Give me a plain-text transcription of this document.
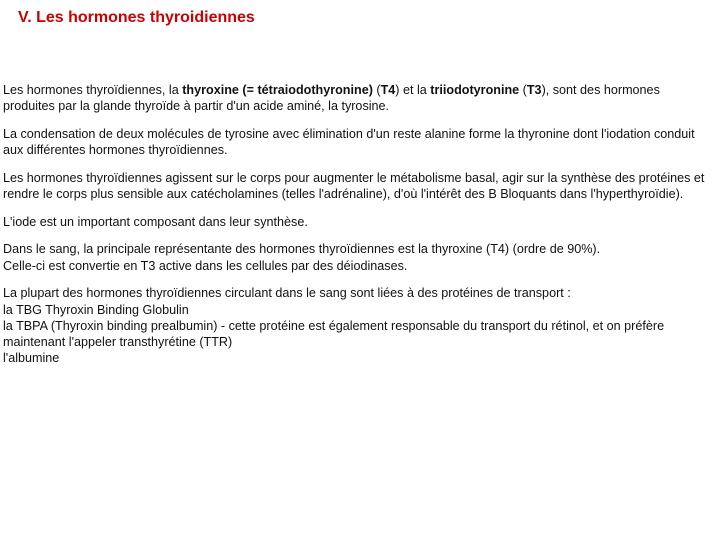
V. Les hormones thyroidiennes

Les hormones thyroïdiennes, la thyroxine (= tétraiodothyronine) (T4) et la triiodotyronine (T3), sont des hormones produites par la glande thyroïde à partir d'un acide aminé, la tyrosine.

La condensation de deux molécules de tyrosine avec élimination d'un reste alanine forme la thyronine dont l'iodation conduit aux différentes hormones thyroïdiennes.

Les hormones thyroïdiennes agissent sur le corps pour augmenter le métabolisme basal, agir sur la synthèse des protéines et rendre le corps plus sensible aux catécholamines (telles l'adrénaline), d'où l'intérêt des B Bloquants dans l'hyperthyroïdie).

L'iode est un important composant dans leur synthèse.

Dans le sang, la principale représentante des hormones thyroïdiennes est la thyroxine (T4) (ordre de 90%).
Celle-ci est convertie en T3 active dans les cellules par des déiodinases.

La plupart des hormones thyroïdiennes circulant dans le sang sont liées à des protéines de transport :
la TBG Thyroxin Binding Globulin
la TBPA (Thyroxin binding prealbumin) - cette protéine est également responsable du transport du rétinol, et on préfère maintenant l'appeler transthyrétine (TTR)
l'albumine
